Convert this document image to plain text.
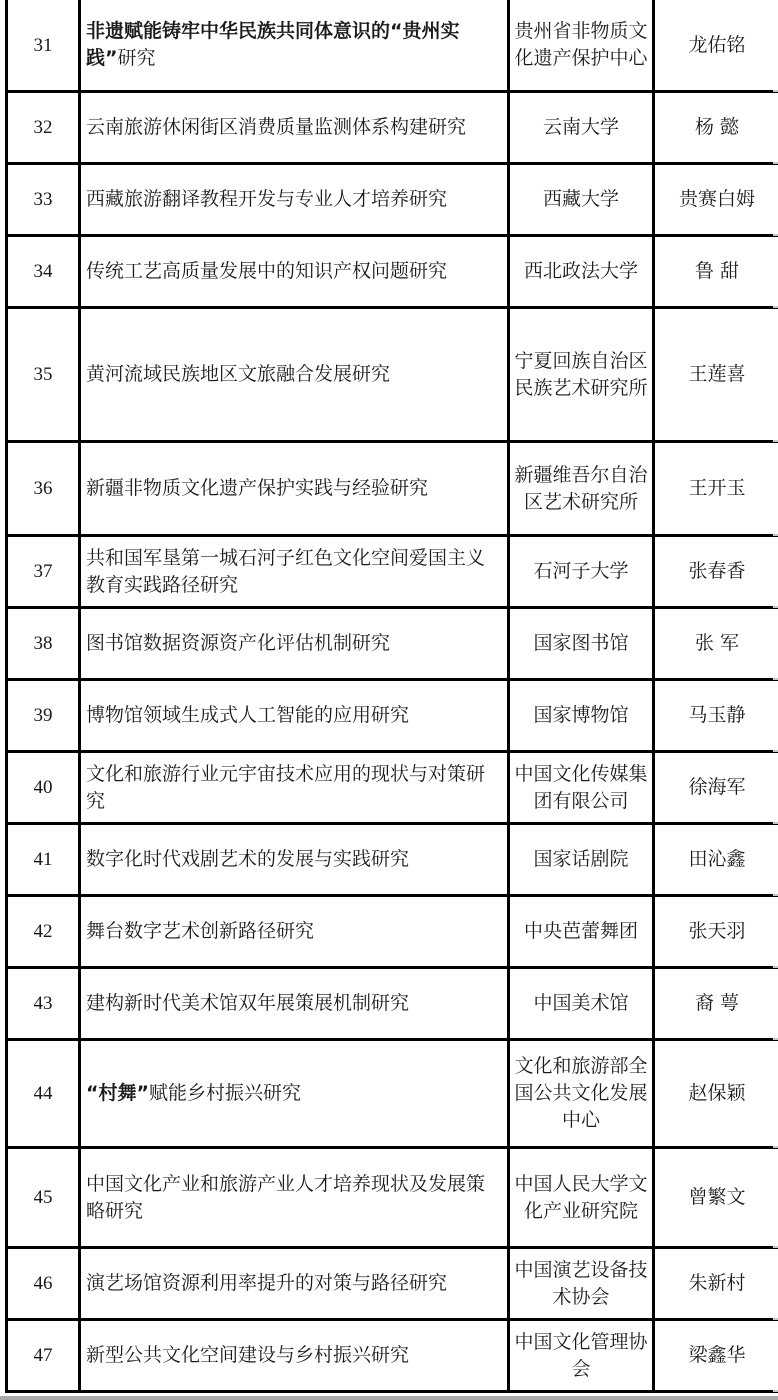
31	非遗赋能铸牢中华民族共同体意识的“贵州实践”研究	贵州省非物质文化遗产保护中心	龙佑铭
32	云南旅游休闲街区消费质量监测体系构建研究	云南大学	杨 懿
33	西藏旅游翻译教程开发与专业人才培养研究	西藏大学	贵赛白姆
34	传统工艺高质量发展中的知识产权问题研究	西北政法大学	鲁 甜
35	黄河流域民族地区文旅融合发展研究	宁夏回族自治区民族艺术研究所	王莲喜
36	新疆非物质文化遗产保护实践与经验研究	新疆维吾尔自治区艺术研究所	王开玉
37	共和国军垦第一城石河子红色文化空间爱国主义教育实践路径研究	石河子大学	张春香
38	图书馆数据资源资产化评估机制研究	国家图书馆	张 军
39	博物馆领域生成式人工智能的应用研究	国家博物馆	马玉静
40	文化和旅游行业元宇宙技术应用的现状与对策研究	中国文化传媒集团有限公司	徐海军
41	数字化时代戏剧艺术的发展与实践研究	国家话剧院	田沁鑫
42	舞台数字艺术创新路径研究	中央芭蕾舞团	张天羽
43	建构新时代美术馆双年展策展机制研究	中国美术馆	裔 萼
44	“村舞”赋能乡村振兴研究	文化和旅游部全国公共文化发展中心	赵保颖
45	中国文化产业和旅游产业人才培养现状及发展策略研究	中国人民大学文化产业研究院	曾繁文
46	演艺场馆资源利用率提升的对策与路径研究	中国演艺设备技术协会	朱新村
47	新型公共文化空间建设与乡村振兴研究	中国文化管理协会	梁鑫华
